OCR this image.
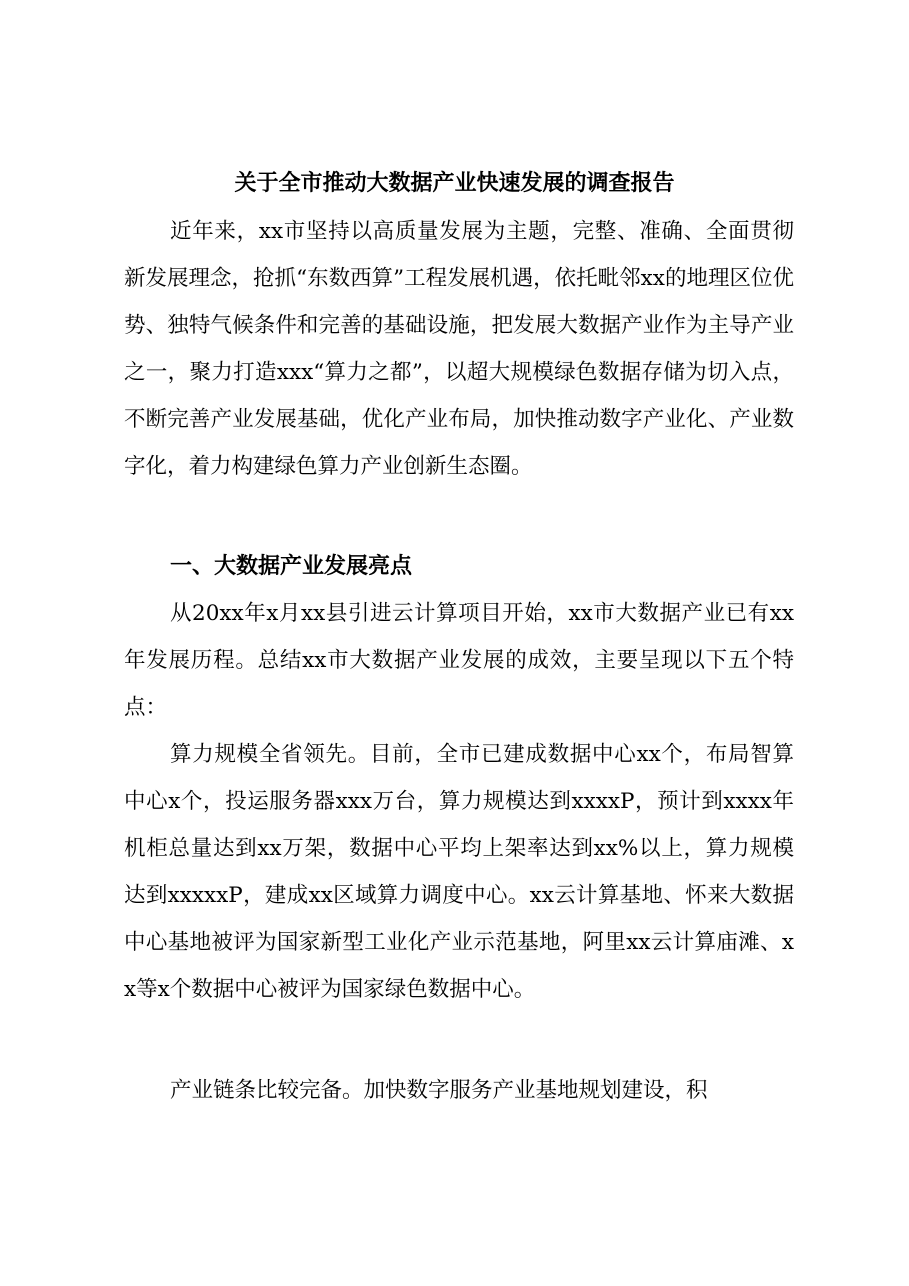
关于全市推动大数据产业快速发展的调查报告

近年来，xx市坚持以高质量发展为主题，完整、准确、全面贯彻新发展理念，抢抓“东数西算”工程发展机遇，依托毗邻xx的地理区位优势、独特气候条件和完善的基础设施，把发展大数据产业作为主导产业之一，聚力打造xxx“算力之都”，以超大规模绿色数据存储为切入点，不断完善产业发展基础，优化产业布局，加快推动数字产业化、产业数字化，着力构建绿色算力产业创新生态圈。

一、大数据产业发展亮点

从20xx年x月xx县引进云计算项目开始，xx市大数据产业已有xx年发展历程。总结xx市大数据产业发展的成效，主要呈现以下五个特点：

算力规模全省领先。目前，全市已建成数据中心xx个，布局智算中心x个，投运服务器xxx万台，算力规模达到xxxxP，预计到xxxx年机柜总量达到xx万架，数据中心平均上架率达到xx%以上，算力规模达到xxxxxP，建成xx区域算力调度中心。xx云计算基地、怀来大数据中心基地被评为国家新型工业化产业示范基地，阿里xx云计算庙滩、xx等x个数据中心被评为国家绿色数据中心。

产业链条比较完备。加快数字服务产业基地规划建设，积
